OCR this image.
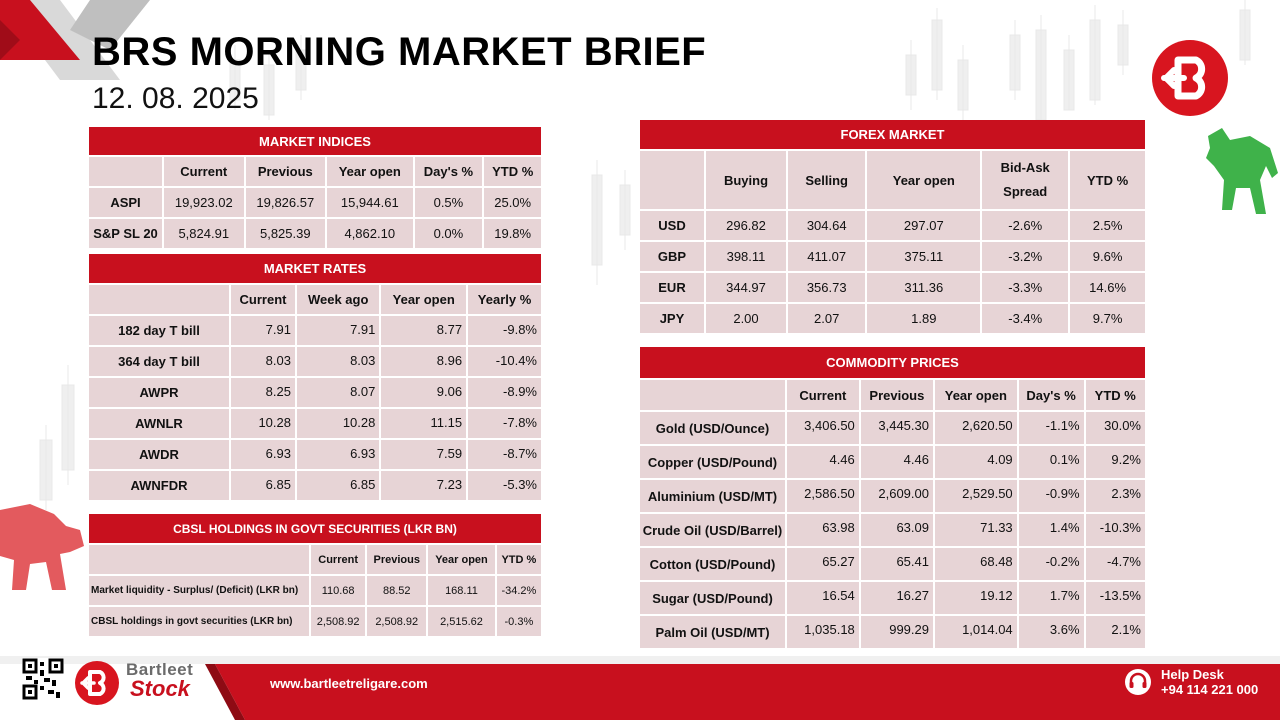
BRS MORNING MARKET BRIEF
12. 08. 2025
MARKET INDICES					
	Current	Previous	Year open	Day's %	YTD %
ASPI	19,923.02	19,826.57	15,944.61	0.5%	25.0%
S&P SL 20	5,824.91	5,825.39	4,862.10	0.0%	19.8%
MARKET RATES				
	Current	Week ago	Year open	Yearly %
182 day T bill	7.91	7.91	8.77	-9.8%
364 day T bill	8.03	8.03	8.96	-10.4%
AWPR	8.25	8.07	9.06	-8.9%
AWNLR	10.28	10.28	11.15	-7.8%
AWDR	6.93	6.93	7.59	-8.7%
AWNFDR	6.85	6.85	7.23	-5.3%
CBSL HOLDINGS IN GOVT SECURITIES (LKR BN)				
	Current	Previous	Year open	YTD %
Market liquidity - Surplus/ (Deficit) (LKR bn)	110.68	88.52	168.11	-34.2%
CBSL holdings in govt securities (LKR bn)	2,508.92	2,508.92	2,515.62	-0.3%
FOREX MARKET					
	Buying	Selling	Year open	Bid-Ask Spread	YTD %
USD	296.82	304.64	297.07	-2.6%	2.5%
GBP	398.11	411.07	375.11	-3.2%	9.6%
EUR	344.97	356.73	311.36	-3.3%	14.6%
JPY	2.00	2.07	1.89	-3.4%	9.7%
COMMODITY PRICES					
	Current	Previous	Year open	Day's %	YTD %
Gold (USD/Ounce)	3,406.50	3,445.30	2,620.50	-1.1%	30.0%
Copper (USD/Pound)	4.46	4.46	4.09	0.1%	9.2%
Aluminium (USD/MT)	2,586.50	2,609.00	2,529.50	-0.9%	2.3%
Crude Oil (USD/Barrel)	63.98	63.09	71.33	1.4%	-10.3%
Cotton (USD/Pound)	65.27	65.41	68.48	-0.2%	-4.7%
Sugar (USD/Pound)	16.54	16.27	19.12	1.7%	-13.5%
Palm Oil (USD/MT)	1,035.18	999.29	1,014.04	3.6%	2.1%
Bartleet
Stock	www.bartleetreligare.com
Help Desk
+94 114 221 000
